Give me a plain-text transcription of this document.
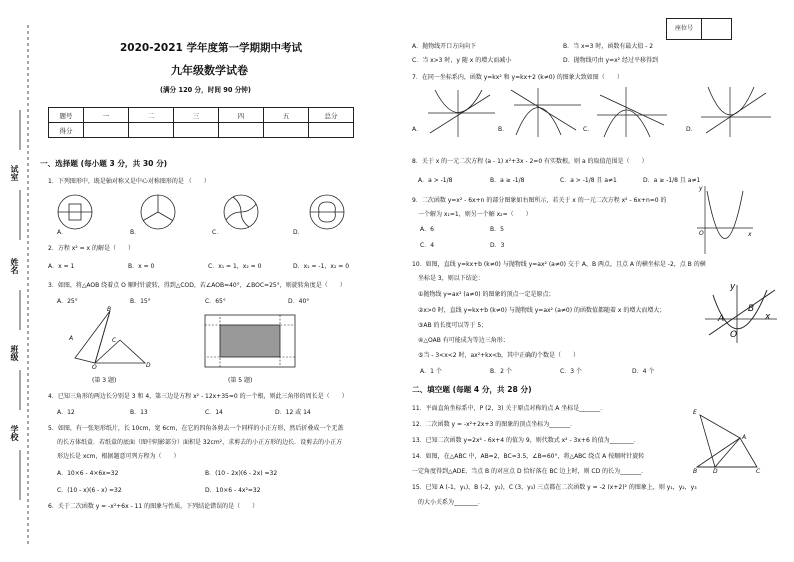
座位号
试室
姓名
班级
学校
2020-2021 学年度第一学期期中考试
九年级数学试卷
(满分 120 分，时间 90 分钟)
题号	一	二	三	四	五	总分
得分						
一、选择题 (每小题 3 分，共 30 分)
1．下列图形中，既是轴对称又是中心对称图形的是 （　　）
A．	B．	C．	D．
2．方程 x² = x 的解是（　　）
A．x = 1	B．x = 0	C．x₁ = 1，x₂ = 0	D．x₁ = -1，x₂ = 0
3．如图，将△AOB 绕着点 O 顺时针旋转，得到△COD，若∠AOB=40°，∠BOC=25°，则旋转角度是（　　）
A．25°	B．15°	C．65°	D．40°
B
A	C
O	D
(第 3 题)	(第 5 题)
4．已知三角形的两边长分别是 3 和 4，第三边是方程 x² - 12x+35=0 的一个根，则此三角形的周长是（　　）
A．12	B．13	C．14	D．12 或 14
5．如图，有一张矩形纸片，长 10cm，宽 6cm，在它的四角各剪去一个同样的小正方形，然后折叠成一个无盖
的长方体纸盒．若纸盒的底面（图中阴影部分）面积是 32cm²，求剪去的小正方形的边长．设剪去的小正方
形边长是 xcm，根据题意可列方程为（　　）
A．10×6 - 4×6x=32	B．(10 - 2x)(6 - 2x) =32
C．(10 - x)(6 - x) =32	D．10×6 - 4x²=32
6．关于二次函数 y = -x²+6x - 11 的图象与性质，下列结论错误的是（　　）
A．抛物线开口方向向下	B．当 x=3 时，函数有最大值 - 2
C．当 x>3 时，y 随 x 的增大而减小	D．抛物线可由 y=x² 经过平移得到
7．在同一坐标系内，函数 y=kx² 和 y=kx+2 (k≠0) 的图象大致如图（　　）
A．	B．	C．	D．
8．关于 x 的一元二次方程 (a - 1) x²+3x - 2=0 有实数根，则 a 的取值范围是（　　）
A．a > -1/8	B．a ≥ -1/8	C．a > -1/8 且 a≠1	D．a ≥ -1/8 且 a≠1
9．二次函数 y=x² - 6x+n 的部分图象如右图所示，若关于 x 的一元二次方程 x² - 6x+n=0 的
一个解为 x₁=1，则另一个解 x₂=（　　）
A．6	B．5
C．4	D．3
y
x
O
10．如图，直线 y=kx+b (k≠0) 与抛物线 y=ax² (a≠0) 交于 A，B 两点，且点 A 的横坐标是 -2，点 B 的横
坐标是 3，则以下结论：
①抛物线 y=ax² (a≠0) 的图象的顶点一定是原点；
②x>0 时，直线 y=kx+b (k≠0) 与抛物线 y=ax² (a≠0) 的函数值都随着 x 的增大而增大；
③AB 的长度可以等于 5；
④△OAB 有可能成为等边三角形；
⑤当 - 3<x<2 时，ax²+kx<b，其中正确的个数是（　　）
A．1 个	B．2 个	C．3 个	D．4 个
y
x
A
B
O
二、填空题 (每题 4 分，共 28 分)
11．平面直角坐标系中，P (2，3) 关于原点对称的点 A 坐标是_______．
12．二次函数 y = -x²+2x+3 的图象的顶点坐标为_______．
13．已知二次函数 y=2x² - 6x+4 的值为 9，则代数式 x² - 3x+6 的值为________．
14．如图，在△ABC 中，AB=2，BC=3.5，∠B=60°，将△ABC 绕点 A 按顺时针旋转
一定角度得到△ADE，当点 B 的对应点 D 恰好落在 BC 边上时，则 CD 的长为_______．
15．已知 A (-1，y₁)，B (-2，y₂)，C (3，y₃) 三点都在二次函数 y = -2 (x+2)² 的图象上，则 y₁，y₂，y₃
的大小关系为________．
E
A
B	D	C
